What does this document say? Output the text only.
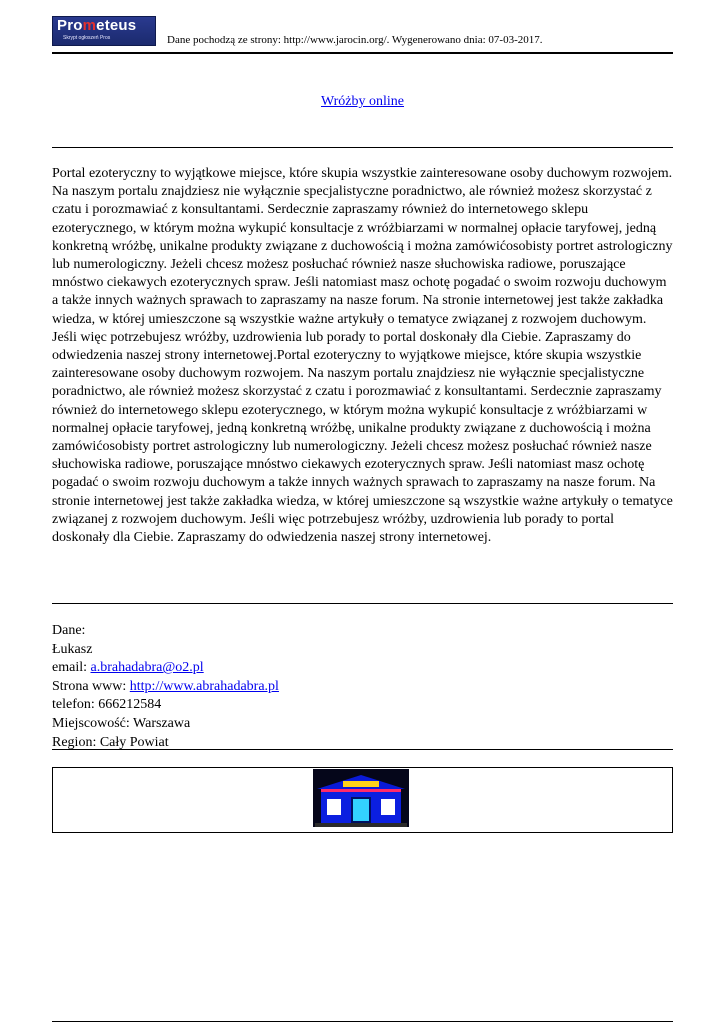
Prometeus
Skrypt ogłoszeń Pros	Dane pochodzą ze strony: http://www.jarocin.org/. Wygenerowano dnia: 07-03-2017.
Wróżby online

Portal ezoteryczny to wyjątkowe miejsce, które skupia wszystkie zainteresowane osoby duchowym rozwojem. Na naszym portalu znajdziesz nie wyłącznie specjalistyczne poradnictwo, ale również możesz skorzystać z czatu i porozmawiać z konsultantami. Serdecznie zapraszamy również do internetowego sklepu ezoterycznego, w którym można wykupić konsultacje z wróżbiarzami w normalnej opłacie taryfowej, jedną konkretną wróżbę, unikalne produkty związane z duchowością i można zamówićosobisty portret astrologiczny lub numerologiczny. Jeżeli chcesz możesz posłuchać również nasze słuchowiska radiowe, poruszające mnóstwo ciekawych ezoterycznych spraw. Jeśli natomiast masz ochotę pogadać o swoim rozwoju duchowym a także innych ważnych sprawach to zapraszamy na nasze forum. Na stronie internetowej jest także zakładka wiedza, w której umieszczone są wszystkie ważne artykuły o tematyce związanej z rozwojem duchowym. Jeśli więc potrzebujesz wróżby, uzdrowienia lub porady to portal doskonały dla Ciebie. Zapraszamy do odwiedzenia naszej strony internetowej.Portal ezoteryczny to wyjątkowe miejsce, które skupia wszystkie zainteresowane osoby duchowym rozwojem. Na naszym portalu znajdziesz nie wyłącznie specjalistyczne poradnictwo, ale również możesz skorzystać z czatu i porozmawiać z konsultantami. Serdecznie zapraszamy również do internetowego sklepu ezoterycznego, w którym można wykupić konsultacje z wróżbiarzami w normalnej opłacie taryfowej, jedną konkretną wróżbę, unikalne produkty związane z duchowością i można zamówićosobisty portret astrologiczny lub numerologiczny. Jeżeli chcesz możesz posłuchać również nasze słuchowiska radiowe, poruszające mnóstwo ciekawych ezoterycznych spraw. Jeśli natomiast masz ochotę pogadać o swoim rozwoju duchowym a także innych ważnych sprawach to zapraszamy na nasze forum. Na stronie internetowej jest także zakładka wiedza, w której umieszczone są wszystkie ważne artykuły o tematyce związanej z rozwojem duchowym. Jeśli więc potrzebujesz wróżby, uzdrowienia lub porady to portal doskonały dla Ciebie. Zapraszamy do odwiedzenia naszej strony internetowej.

Dane:
Łukasz
email: a.brahadabra@o2.pl
Strona www: http://www.abrahadabra.pl
telefon: 666212584
Miejscowość: Warszawa
Region: Cały Powiat
